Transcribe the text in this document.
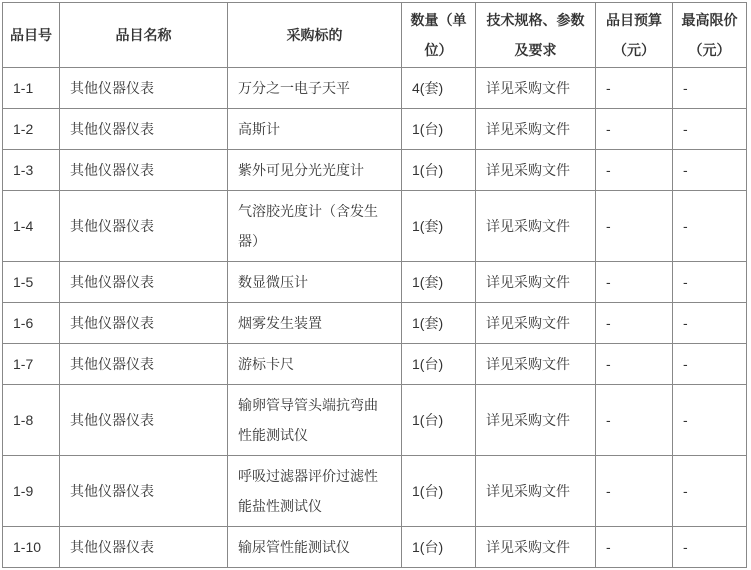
品目号	品目名称	采购标的	数量（单位）	技术规格、参数及要求	品目预算（元）	最高限价（元）
1-1	其他仪器仪表	万分之一电子天平	4(套)	详见采购文件	-	-
1-2	其他仪器仪表	高斯计	1(台)	详见采购文件	-	-
1-3	其他仪器仪表	紫外可见分光光度计	1(台)	详见采购文件	-	-
1-4	其他仪器仪表	气溶胶光度计（含发生器）	1(套)	详见采购文件	-	-
1-5	其他仪器仪表	数显微压计	1(套)	详见采购文件	-	-
1-6	其他仪器仪表	烟雾发生装置	1(套)	详见采购文件	-	-
1-7	其他仪器仪表	游标卡尺	1(台)	详见采购文件	-	-
1-8	其他仪器仪表	输卵管导管头端抗弯曲性能测试仪	1(台)	详见采购文件	-	-
1-9	其他仪器仪表	呼吸过滤器评价过滤性能盐性测试仪	1(台)	详见采购文件	-	-
1-10	其他仪器仪表	输尿管性能测试仪	1(台)	详见采购文件	-	-
